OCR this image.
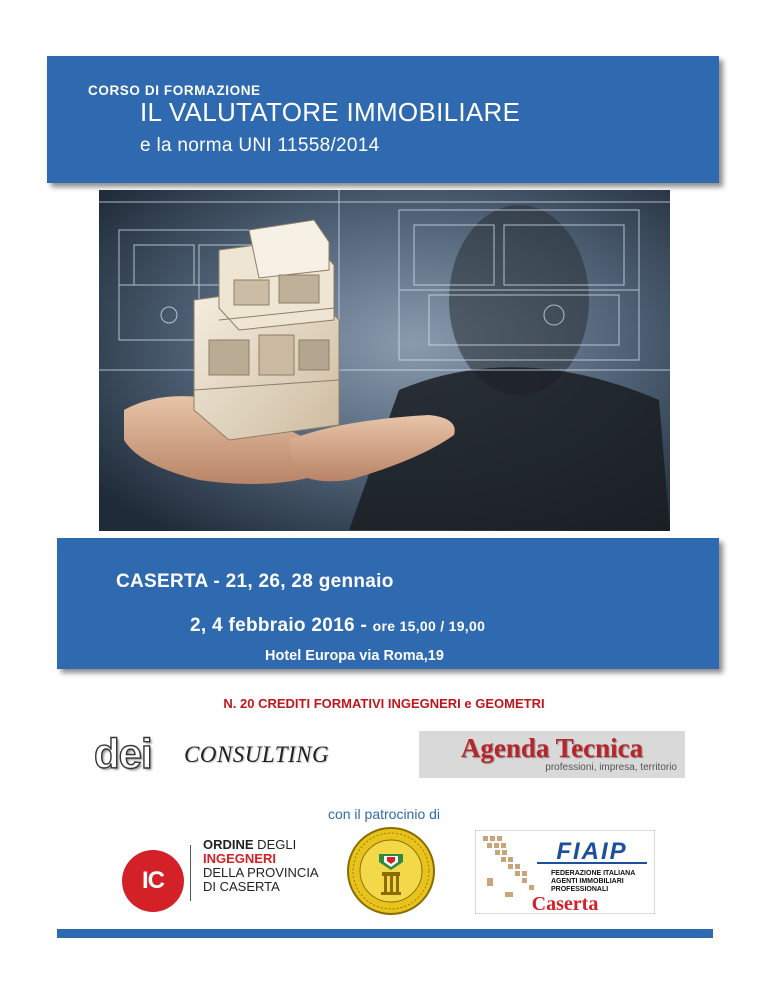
CORSO DI FORMAZIONE
IL VALUTATORE IMMOBILIARE
e la norma UNI 11558/2014
CASERTA - 21, 26, 28 gennaio
2, 4 febbraio 2016 - ore 15,00 / 19,00
Hotel Europa via Roma,19
N. 20 CREDITI FORMATIVI INGEGNERI e GEOMETRI
dei CONSULTING	Agenda Tecnica
professioni, impresa, territorio
con il patrocinio di
IC
ORDINE DEGLI
INGEGNERI
DELLA PROVINCIA
DI CASERTA
FIAIP
FEDERAZIONE ITALIANA
AGENTI IMMOBILIARI
PROFESSIONALI
Caserta
